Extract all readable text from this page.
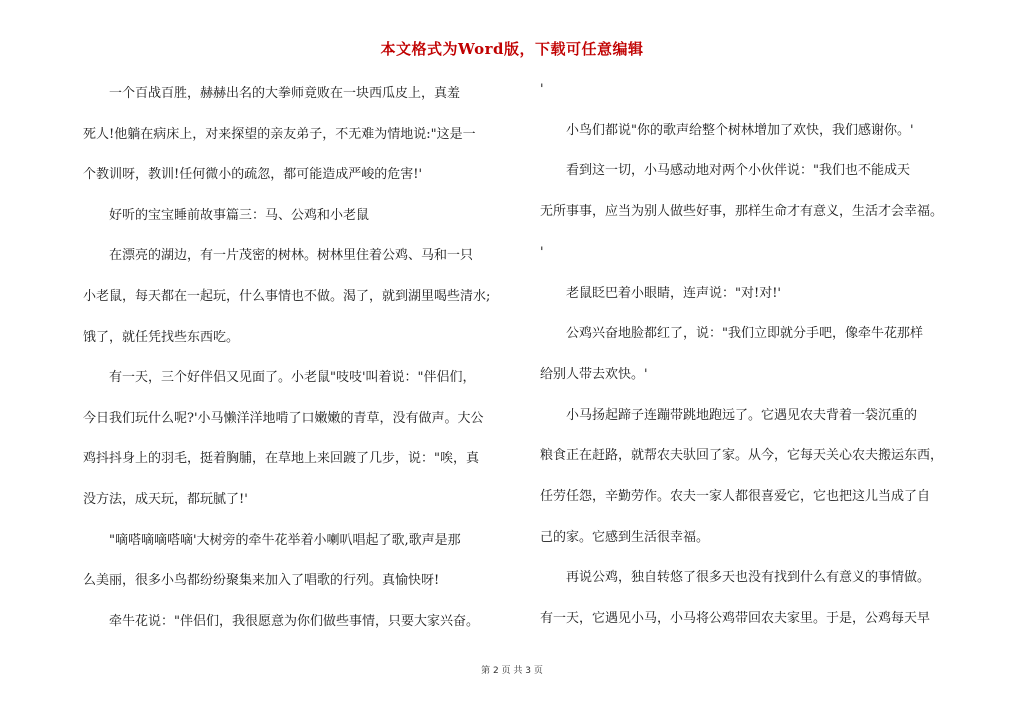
本文格式为Word版，下载可任意编辑
　　一个百战百胜，赫赫出名的大拳师竟败在一块西瓜皮上，真羞
死人!他躺在病床上，对来探望的亲友弟子，不无难为情地说:"这是一
个教训呀，教训!任何微小的疏忽，都可能造成严峻的危害!'
　　好听的宝宝睡前故事篇三：马、公鸡和小老鼠
　　在漂亮的湖边，有一片茂密的树林。树林里住着公鸡、马和一只
小老鼠，每天都在一起玩，什么事情也不做。渴了，就到湖里喝些清水;
饿了，就任凭找些东西吃。
　　有一天，三个好伴侣又见面了。小老鼠"吱吱'叫着说："伴侣们，
今日我们玩什么呢?'小马懒洋洋地啃了口嫩嫩的青草，没有做声。大公
鸡抖抖身上的羽毛，挺着胸脯，在草地上来回踱了几步，说："唉，真
没方法，成天玩，都玩腻了!'
　　"嘀嗒嘀嘀嗒嘀'大树旁的牵牛花举着小喇叭唱起了歌,歌声是那
么美丽，很多小鸟都纷纷聚集来加入了唱歌的行列。真愉快呀!
　　牵牛花说："伴侣们，我很愿意为你们做些事情，只要大家兴奋。
'
　　小鸟们都说"你的歌声给整个树林增加了欢快，我们感谢你。'
　　看到这一切，小马感动地对两个小伙伴说："我们也不能成天
无所事事，应当为别人做些好事，那样生命才有意义，生活才会幸福。
'
　　老鼠眨巴着小眼睛，连声说："对!对!'
　　公鸡兴奋地脸都红了，说："我们立即就分手吧，像牵牛花那样
给别人带去欢快。'
　　小马扬起蹄子连蹦带跳地跑远了。它遇见农夫背着一袋沉重的
粮食正在赶路，就帮农夫驮回了家。从今，它每天关心农夫搬运东西，
任劳任怨，辛勤劳作。农夫一家人都很喜爱它，它也把这儿当成了自
己的家。它感到生活很幸福。
　　再说公鸡，独自转悠了很多天也没有找到什么有意义的事情做。
有一天，它遇见小马，小马将公鸡带回农夫家里。于是，公鸡每天早
第 2 页 共 3 页
